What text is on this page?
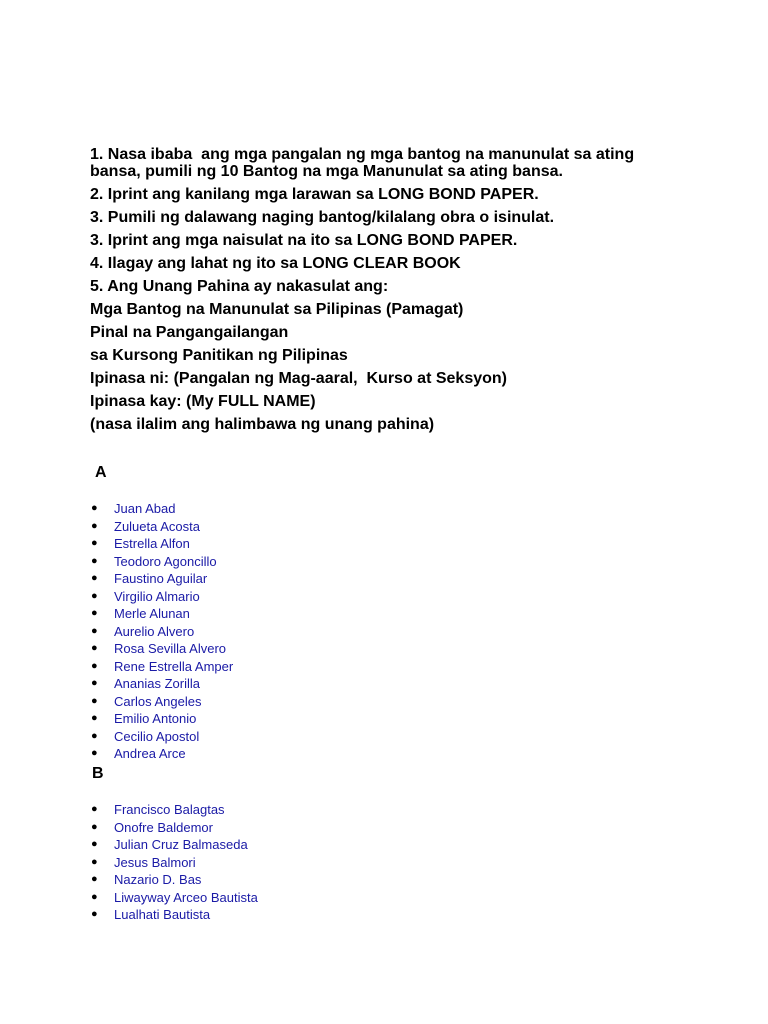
1. Nasa ibaba  ang mga pangalan ng mga bantog na manunulat sa ating bansa, pumili ng 10 Bantog na mga Manunulat sa ating bansa.
2. Iprint ang kanilang mga larawan sa LONG BOND PAPER.
3. Pumili ng dalawang naging bantog/kilalang obra o isinulat.
3. Iprint ang mga naisulat na ito sa LONG BOND PAPER.
4. Ilagay ang lahat ng ito sa LONG CLEAR BOOK
5. Ang Unang Pahina ay nakasulat ang:
Mga Bantog na Manunulat sa Pilipinas (Pamagat)
Pinal na Pangangailangan
sa Kursong Panitikan ng Pilipinas
Ipinasa ni: (Pangalan ng Mag-aaral,  Kurso at Seksyon)
Ipinasa kay: (My FULL NAME)
(nasa ilalim ang halimbawa ng unang pahina)
A
● Juan Abad
● Zulueta Acosta
● Estrella Alfon
● Teodoro Agoncillo
● Faustino Aguilar
● Virgilio Almario
● Merle Alunan
● Aurelio Alvero
● Rosa Sevilla Alvero
● Rene Estrella Amper
● Ananias Zorilla
● Carlos Angeles
● Emilio Antonio
● Cecilio Apostol
● Andrea Arce
B
● Francisco Balagtas
● Onofre Baldemor
● Julian Cruz Balmaseda
● Jesus Balmori
● Nazario D. Bas
● Liwayway Arceo Bautista
● Lualhati Bautista
